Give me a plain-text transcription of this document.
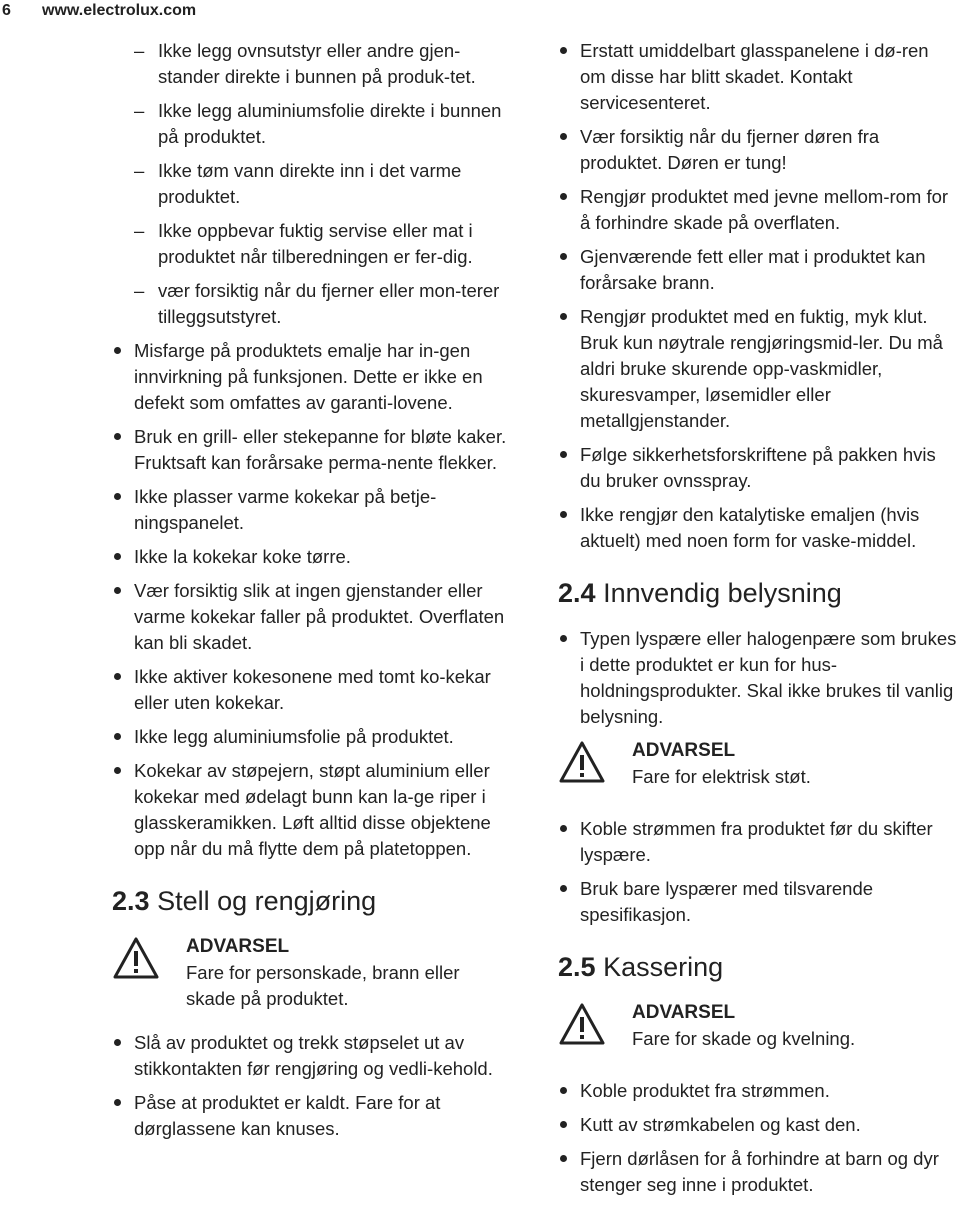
6 www.electrolux.com
– Ikke legg ovnsutstyr eller andre gjen-stander direkte i bunnen på produk-tet.
– Ikke legg aluminiumsfolie direkte i bunnen på produktet.
– Ikke tøm vann direkte inn i det varme produktet.
– Ikke oppbevar fuktig servise eller mat i produktet når tilberedningen er fer-dig.
– vær forsiktig når du fjerner eller mon-terer tilleggsutstyret.
Misfarge på produktets emalje har in-gen innvirkning på funksjonen. Dette er ikke en defekt som omfattes av garanti-lovene.
Bruk en grill- eller stekepanne for bløte kaker. Fruktsaft kan forårsake perma-nente flekker.
Ikke plasser varme kokekar på betje-ningspanelet.
Ikke la kokekar koke tørre.
Vær forsiktig slik at ingen gjenstander eller varme kokekar faller på produktet. Overflaten kan bli skadet.
Ikke aktiver kokesonene med tomt ko-kekar eller uten kokekar.
Ikke legg aluminiumsfolie på produktet.
Kokekar av støpejern, støpt aluminium eller kokekar med ødelagt bunn kan la-ge riper i glasskeramikken. Løft alltid disse objektene opp når du må flytte dem på platetoppen.
2.3 Stell og rengjøring
ADVARSEL
Fare for personskade, brann eller skade på produktet.
Slå av produktet og trekk støpselet ut av stikkontakten før rengjøring og vedli-kehold.
Påse at produktet er kaldt. Fare for at dørglassene kan knuses.
Erstatt umiddelbart glasspanelene i dø-ren om disse har blitt skadet. Kontakt servicesenteret.
Vær forsiktig når du fjerner døren fra produktet. Døren er tung!
Rengjør produktet med jevne mellom-rom for å forhindre skade på overflaten.
Gjenværende fett eller mat i produktet kan forårsake brann.
Rengjør produktet med en fuktig, myk klut. Bruk kun nøytrale rengjøringsmid-ler. Du må aldri bruke skurende opp-vaskmidler, skuresvamper, løsemidler eller metallgjenstander.
Følge sikkerhetsforskriftene på pakken hvis du bruker ovnsspray.
Ikke rengjør den katalytiske emaljen (hvis aktuelt) med noen form for vaske-middel.
2.4 Innvendig belysning
Typen lyspære eller halogenpære som brukes i dette produktet er kun for hus-holdningsprodukter. Skal ikke brukes til vanlig belysning.
ADVARSEL
Fare for elektrisk støt.
Koble strømmen fra produktet før du skifter lyspære.
Bruk bare lyspærer med tilsvarende spesifikasjon.
2.5 Kassering
ADVARSEL
Fare for skade og kvelning.
Koble produktet fra strømmen.
Kutt av strømkabelen og kast den.
Fjern dørlåsen for å forhindre at barn og dyr stenger seg inne i produktet.
